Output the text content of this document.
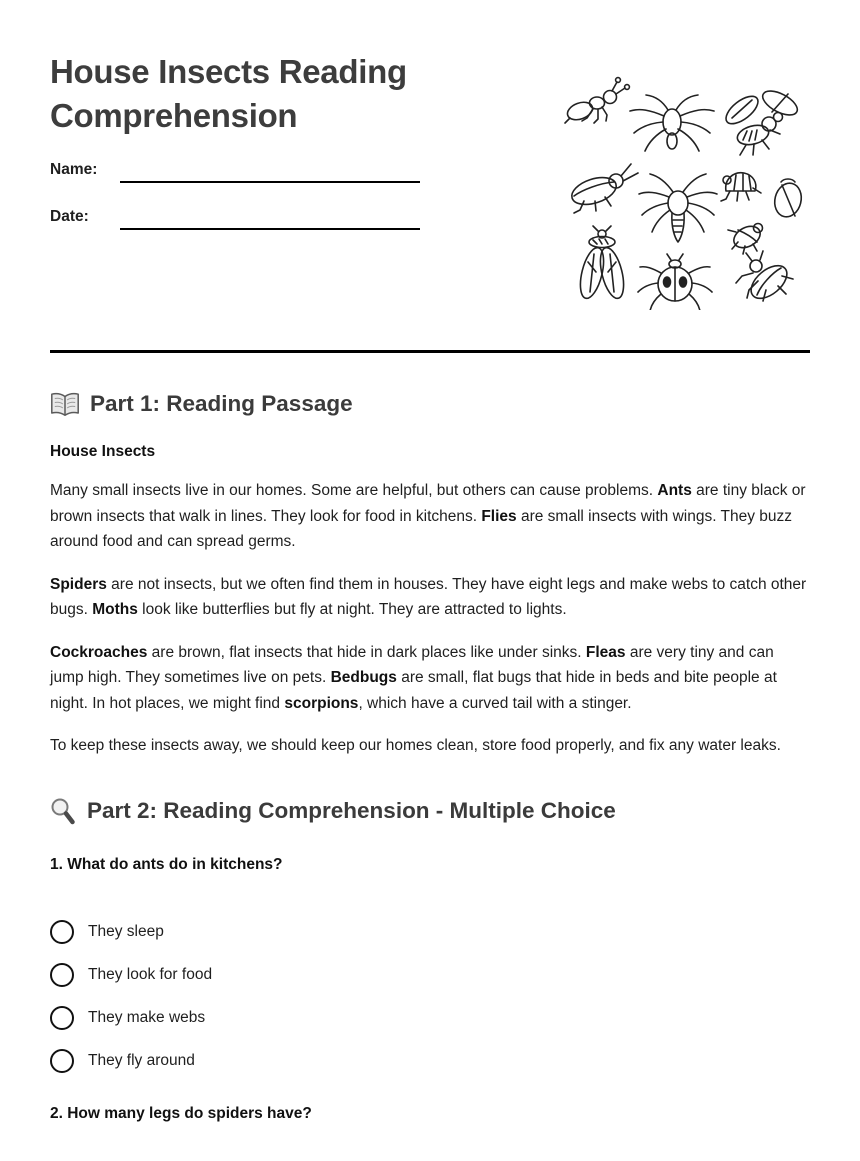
House Insects Reading Comprehension
Name:
Date:
Part 1: Reading Passage
House Insects

Many small insects live in our homes. Some are helpful, but others can cause problems. Ants are tiny black or brown insects that walk in lines. They look for food in kitchens. Flies are small insects with wings. They buzz around food and can spread germs.

Spiders are not insects, but we often find them in houses. They have eight legs and make webs to catch other bugs. Moths look like butterflies but fly at night. They are attracted to lights.

Cockroaches are brown, flat insects that hide in dark places like under sinks. Fleas are very tiny and can jump high. They sometimes live on pets. Bedbugs are small, flat bugs that hide in beds and bite people at night. In hot places, we might find scorpions, which have a curved tail with a stinger.

To keep these insects away, we should keep our homes clean, store food properly, and fix any water leaks.

Part 2: Reading Comprehension - Multiple Choice
1. What do ants do in kitchens?
They sleep
They look for food
They make webs
They fly around
2. How many legs do spiders have?
